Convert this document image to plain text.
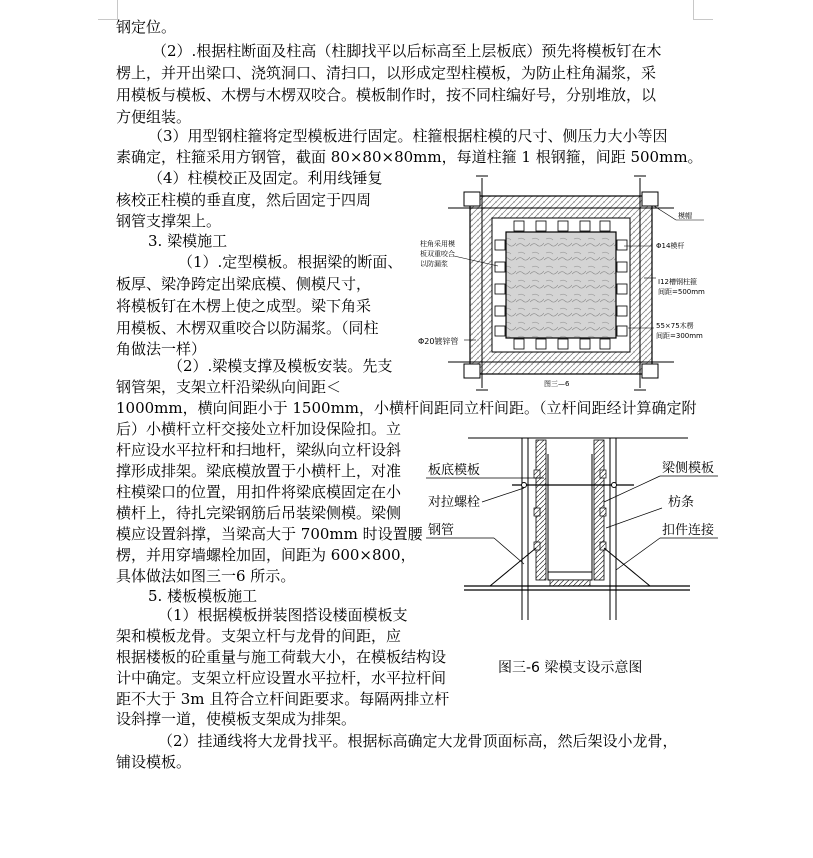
钢定位。

（2）.根据柱断面及柱高（柱脚找平以后标高至上层板底）预先将模板钉在木

楞上，并开出梁口、浇筑洞口、清扫口，以形成定型柱模板，为防止柱角漏浆，采

用模板与模板、木楞与木楞双咬合。模板制作时，按不同柱编好号，分别堆放，以

方便组装。

（3）用型钢柱箍将定型模板进行固定。柱箍根据柱模的尺寸、侧压力大小等因

素确定，柱箍采用方钢管，截面 80×80×80mm，每道柱箍 1 根钢箍，间距 500mm。

（4）柱模校正及固定。利用线锤复

核校正柱模的垂直度，然后固定于四周

钢管支撑架上。

3. 梁模施工

（1）.定型模板。根据梁的断面、

板厚、梁净跨定出梁底模、侧模尺寸，

将模板钉在木楞上使之成型。梁下角采

用模板、木楞双重咬合以防漏浆。（同柱

角做法一样）

（2）.梁模支撑及模板安装。先支

钢管架，支架立杆沿梁纵向间距＜

1000mm，横向间距小于 1500mm，小横杆间距同立杆间距。（立杆间距经计算确定附

后）小横杆立杆交接处立杆加设保险扣。立

杆应设水平拉杆和扫地杆，梁纵向立杆设斜

撑形成排架。梁底模放置于小横杆上，对准

柱模梁口的位置，用扣件将梁底模固定在小

横杆上，待扎完梁钢筋后吊装梁侧模。梁侧

模应设置斜撑，当梁高大于 700mm 时设置腰

楞，并用穿墙螺栓加固，间距为 600×800，

具体做法如图三一6 所示。

5. 楼板模板施工

（1）根据模板拼装图搭设楼面模板支

架和模板龙骨。支架立杆与龙骨的间距，应

根据楼板的砼重量与施工荷载大小，在模板结构设

计中确定。支架立杆应设置水平拉杆，水平拉杆间

距不大于 3m 且符合立杆间距要求。每隔两排立杆

设斜撑一道，使模板支架成为排架。

（2）挂通线将大龙骨找平。根据标高确定大龙骨顶面标高，然后架设小龙骨，

铺设模板。

柱角采用模
板双重咬合
以防漏浆
模帽
Φ14模杆
I12槽钢柱箍
间距=500mm
55×75木楞
间距=300mm
Φ20镀锌管
图三—6
板底模板
对拉螺栓
钢管
梁侧模板
枋条
扣件连接
图三-6 梁模支设示意图
